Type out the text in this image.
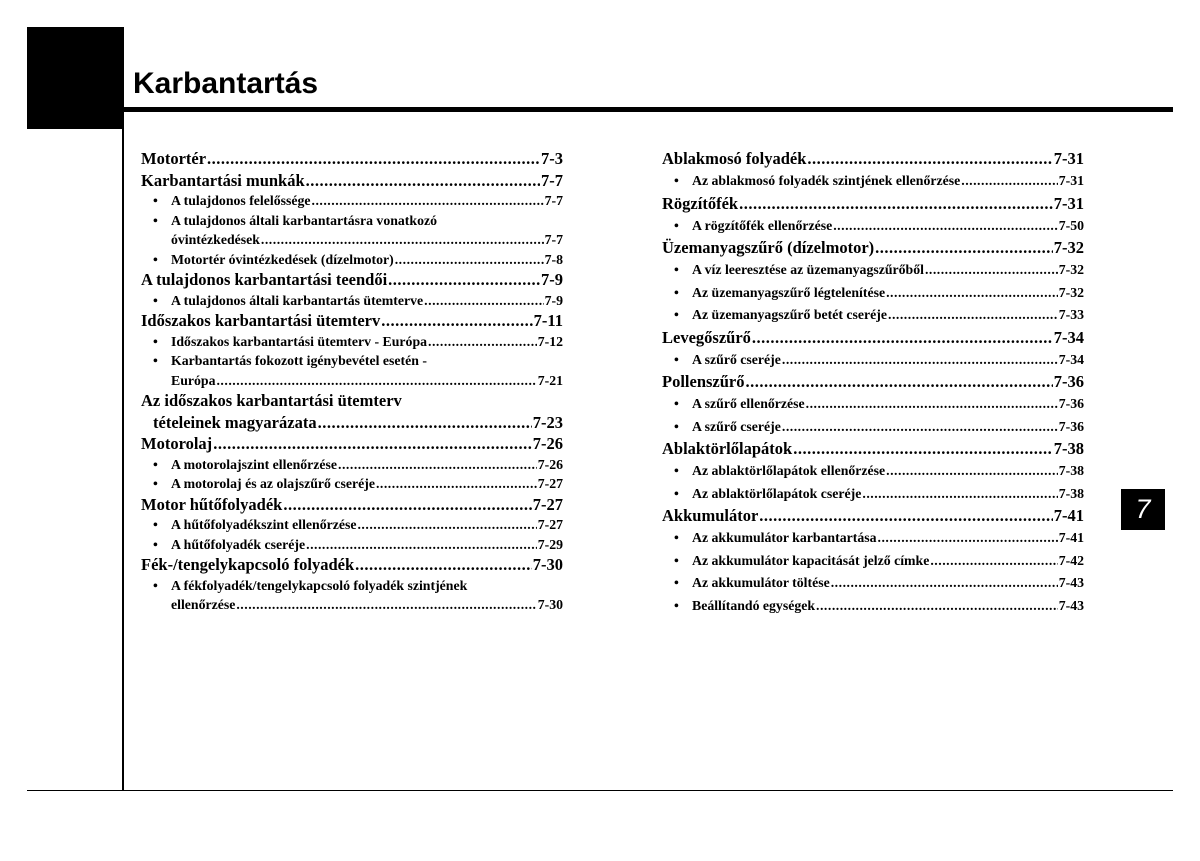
Karbantartás
7
Motortér .....	7-3
Karbantartási munkák .....	7-7
• A tulajdonos felelőssége .....	7-7
• A tulajdonos általi karbantartásra vonatkozó
óvintézkedések .....	7-7
• Motortér óvintézkedések (dízelmotor) .....	7-8
A tulajdonos karbantartási teendői .....	7-9
• A tulajdonos általi karbantartás ütemterve .....	7-9
Időszakos karbantartási ütemterv .....	7-11
• Időszakos karbantartási ütemterv - Európa .....	7-12
• Karbantartás fokozott igénybevétel esetén -
Európa .....	7-21
Az időszakos karbantartási ütemterv
tételeinek magyarázata .....	7-23
Motorolaj .....	7-26
• A motorolajszint ellenőrzése .....	7-26
• A motorolaj és az olajszűrő cseréje .....	7-27
Motor hűtőfolyadék .....	7-27
• A hűtőfolyadékszint ellenőrzése .....	7-27
• A hűtőfolyadék cseréje .....	7-29
Fék-/tengelykapcsoló folyadék .....	7-30
• A fékfolyadék/tengelykapcsoló folyadék szintjének
ellenőrzése .....	7-30
Ablakmosó folyadék .....	7-31
• Az ablakmosó folyadék szintjének ellenőrzése .....	7-31
Rögzítőfék .....	7-31
• A rögzítőfék ellenőrzése .....	7-50
Üzemanyagszűrő (dízelmotor) .....	7-32
• A víz leeresztése az üzemanyagszűrőből .....	7-32
• Az üzemanyagszűrő légtelenítése .....	7-32
• Az üzemanyagszűrő betét cseréje .....	7-33
Levegőszűrő .....	7-34
• A szűrő cseréje .....	7-34
Pollenszűrő .....	7-36
• A szűrő ellenőrzése .....	7-36
• A szűrő cseréje .....	7-36
Ablaktörlőlapátok .....	7-38
• Az ablaktörlőlapátok ellenőrzése .....	7-38
• Az ablaktörlőlapátok cseréje .....	7-38
Akkumulátor .....	7-41
• Az akkumulátor karbantartása .....	7-41
• Az akkumulátor kapacitását jelző címke .....	7-42
• Az akkumulátor töltése .....	7-43
• Beállítandó egységek .....	7-43
